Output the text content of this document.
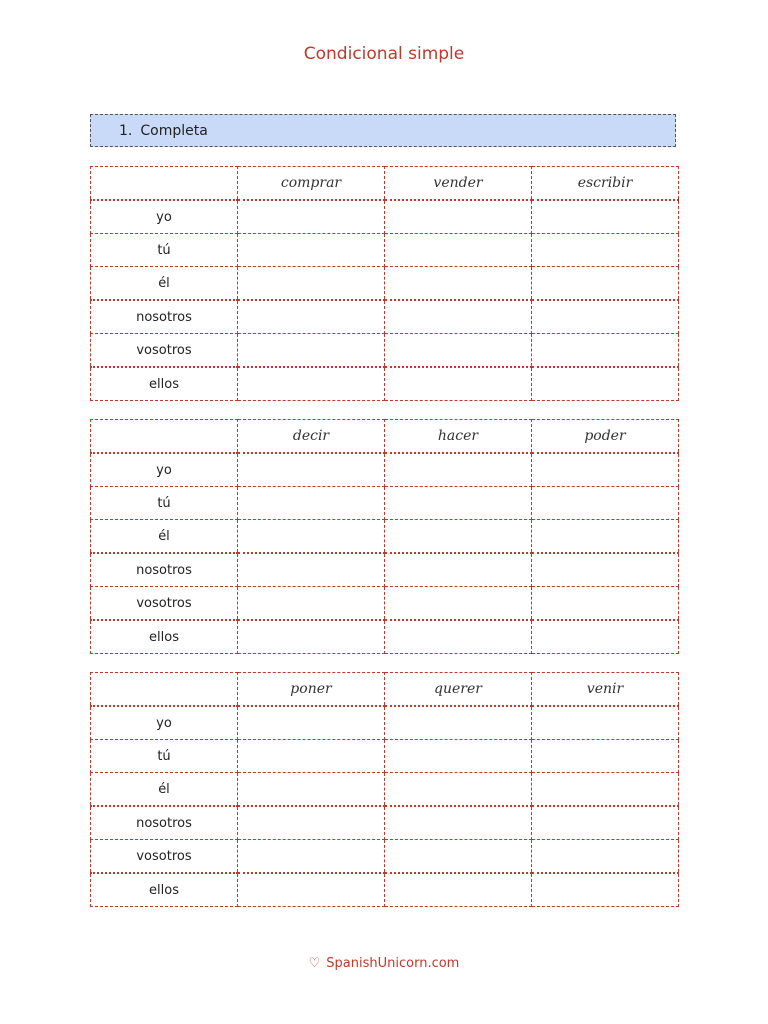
Condicional simple
1. Completa
	comprar	vender	escribir
yo			
tú			
él			
nosotros			
vosotros			
ellos			
	decir	hacer	poder
yo			
tú			
él			
nosotros			
vosotros			
ellos			
	poner	querer	venir
yo			
tú			
él			
nosotros			
vosotros			
ellos			
♡ SpanishUnicorn.com
